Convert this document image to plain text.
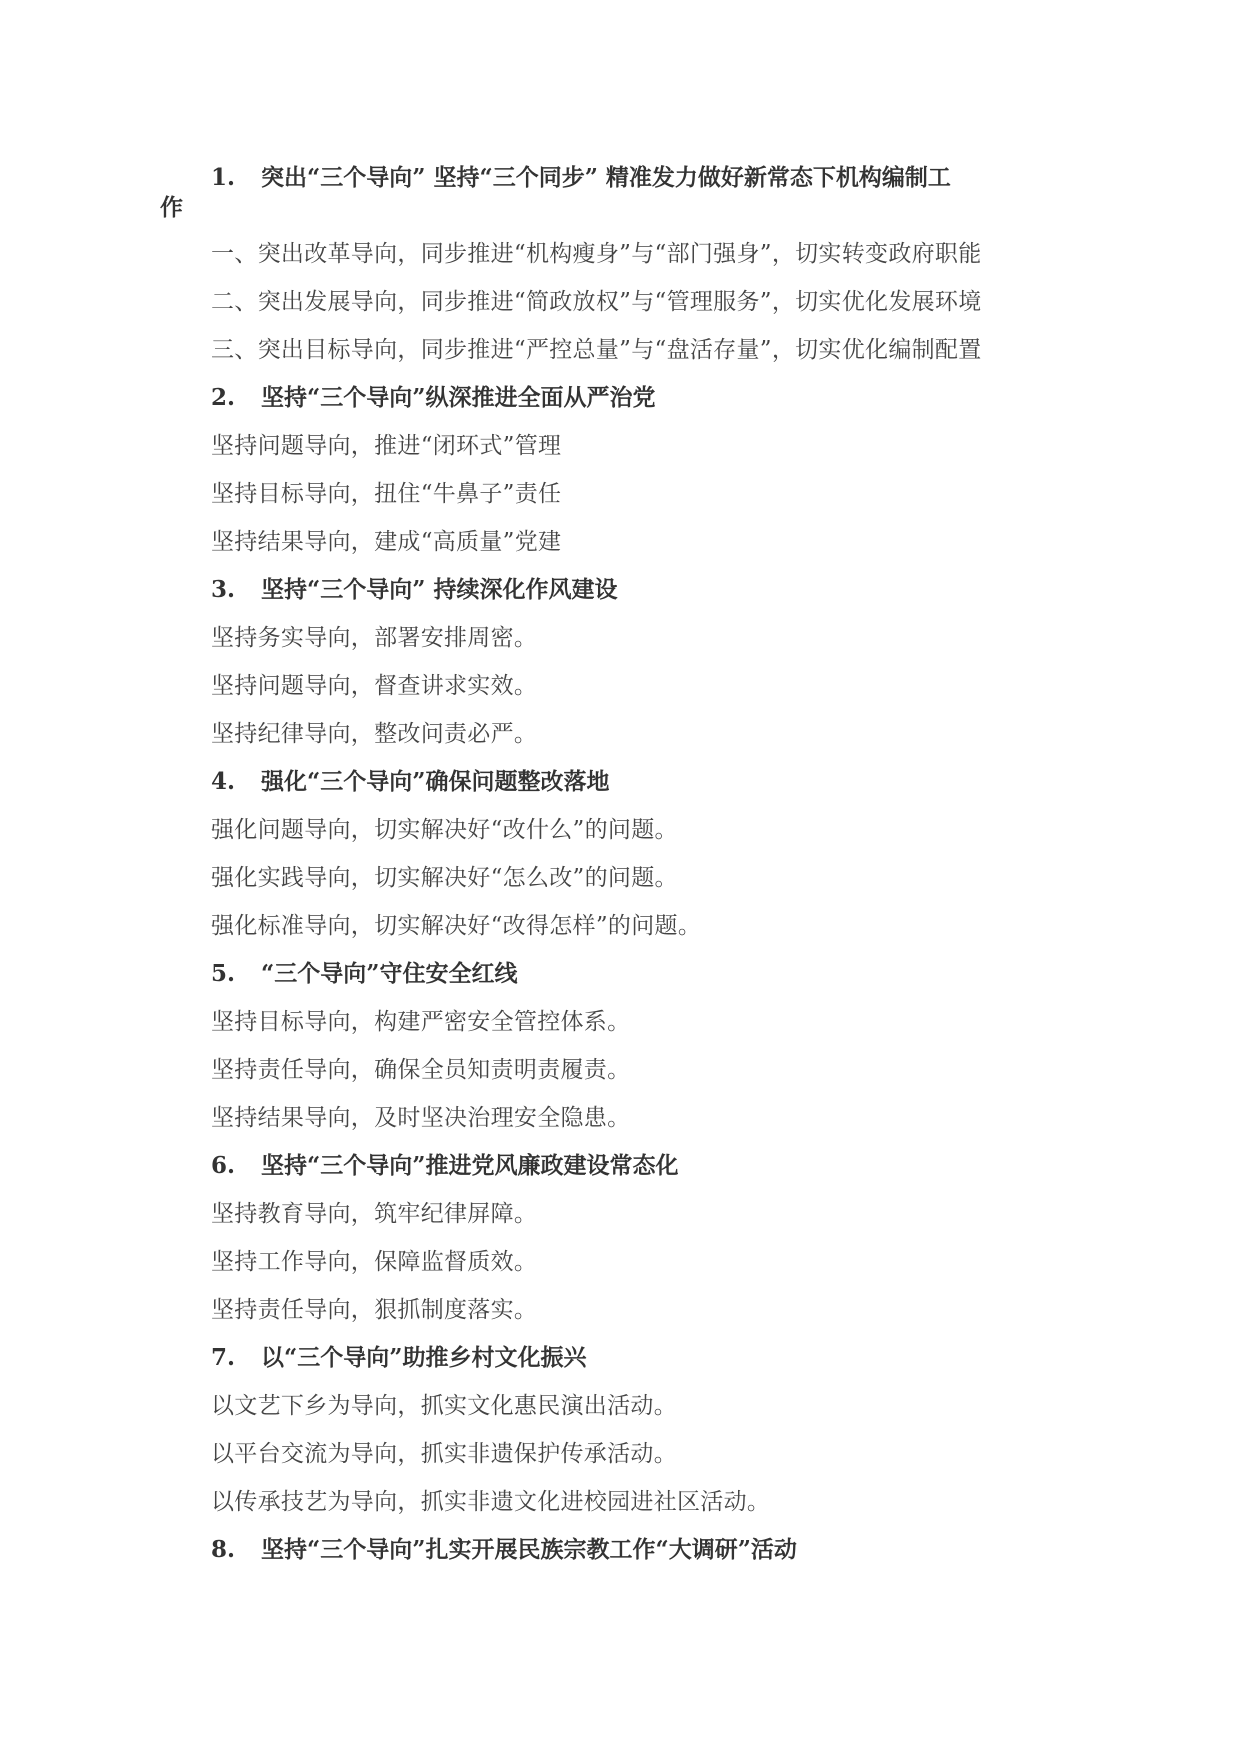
1. 突出“三个导向” 坚持“三个同步” 精准发力做好新常态下机构编制工
作
一、突出改革导向，同步推进“机构瘦身”与“部门强身”，切实转变政府职能
二、突出发展导向，同步推进“简政放权”与“管理服务”，切实优化发展环境
三、突出目标导向，同步推进“严控总量”与“盘活存量”，切实优化编制配置
2.	坚持“三个导向”纵深推进全面从严治党
坚持问题导向，推进“闭环式”管理
坚持目标导向，扭住“牛鼻子”责任
坚持结果导向，建成“高质量”党建
3.	坚持“三个导向” 持续深化作风建设
坚持务实导向，部署安排周密。
坚持问题导向，督查讲求实效。
坚持纪律导向，整改问责必严。
4.	强化“三个导向”确保问题整改落地
强化问题导向，切实解决好“改什么”的问题。
强化实践导向，切实解决好“怎么改”的问题。
强化标准导向，切实解决好“改得怎样”的问题。
5.	“三个导向”守住安全红线
坚持目标导向，构建严密安全管控体系。
坚持责任导向，确保全员知责明责履责。
坚持结果导向，及时坚决治理安全隐患。
6.	坚持“三个导向”推进党风廉政建设常态化
坚持教育导向，筑牢纪律屏障。
坚持工作导向，保障监督质效。
坚持责任导向，狠抓制度落实。
7.	以“三个导向”助推乡村文化振兴
以文艺下乡为导向，抓实文化惠民演出活动。
以平台交流为导向，抓实非遗保护传承活动。
以传承技艺为导向，抓实非遗文化进校园进社区活动。
8.	坚持“三个导向”扎实开展民族宗教工作“大调研”活动
